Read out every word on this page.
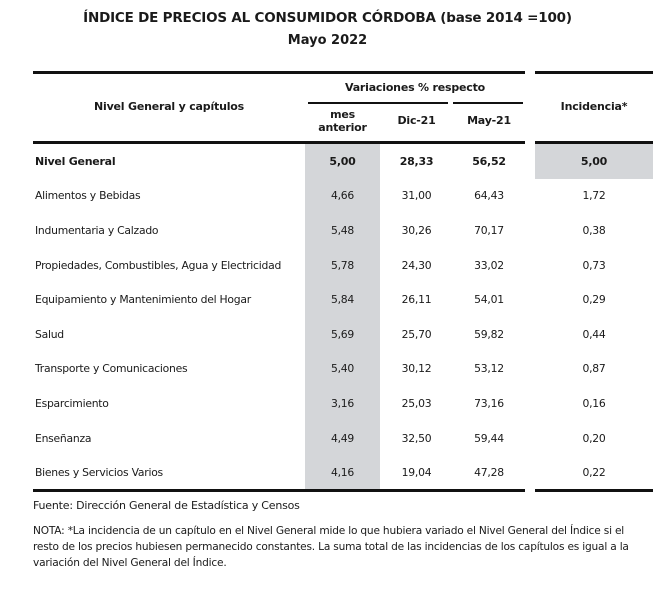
ÍNDICE DE PRECIOS AL CONSUMIDOR CÓRDOBA (base 2014 =100)
Mayo 2022
Nivel General y capítulos
Variaciones % respecto
mes anterior
Dic-21	May-21
Incidencia*
Nivel General	5,00	28,33	56,52	5,00
Alimentos y Bebidas	4,66	31,00	64,43	1,72
Indumentaria y Calzado	5,48	30,26	70,17	0,38
Propiedades, Combustibles, Agua y Electricidad	5,78	24,30	33,02	0,73
Equipamiento y Mantenimiento del Hogar	5,84	26,11	54,01	0,29
Salud	5,69	25,70	59,82	0,44
Transporte y Comunicaciones	5,40	30,12	53,12	0,87
Esparcimiento	3,16	25,03	73,16	0,16
Enseñanza	4,49	32,50	59,44	0,20
Bienes y Servicios Varios	4,16	19,04	47,28	0,22
Fuente: Dirección General de Estadística y Censos
NOTA: *La incidencia de un capítulo en el Nivel General mide lo que hubiera variado el Nivel General del Índice si el resto de los precios hubiesen permanecido constantes. La suma total de las incidencias de los capítulos es igual a la variación del Nivel General del Índice.
